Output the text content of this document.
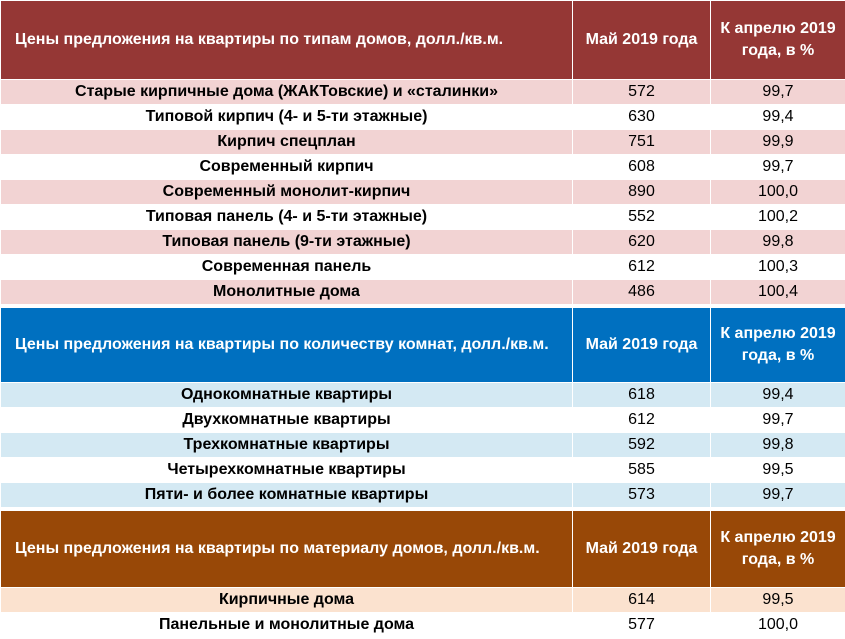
Цены предложения на квартиры по типам домов, долл./кв.м.	Май 2019 года	К апрелю 2019 года, в %
Старые кирпичные дома (ЖАКТовские) и «сталинки»	572	99,7
Типовой кирпич (4- и 5-ти этажные)	630	99,4
Кирпич спецплан	751	99,9
Современный кирпич	608	99,7
Современный монолит-кирпич	890	100,0
Типовая панель (4- и 5-ти этажные)	552	100,2
Типовая панель (9-ти этажные)	620	99,8
Современная панель	612	100,3
Монолитные дома	486	100,4
Цены предложения на квартиры по количеству комнат, долл./кв.м.	Май 2019 года	К апрелю 2019 года, в %
Однокомнатные квартиры	618	99,4
Двухкомнатные квартиры	612	99,7
Трехкомнатные квартиры	592	99,8
Четырехкомнатные квартиры	585	99,5
Пяти- и более комнатные квартиры	573	99,7
Цены предложения на квартиры по материалу домов, долл./кв.м.	Май 2019 года	К апрелю 2019 года, в %
Кирпичные дома	614	99,5
Панельные и монолитные дома	577	100,0
